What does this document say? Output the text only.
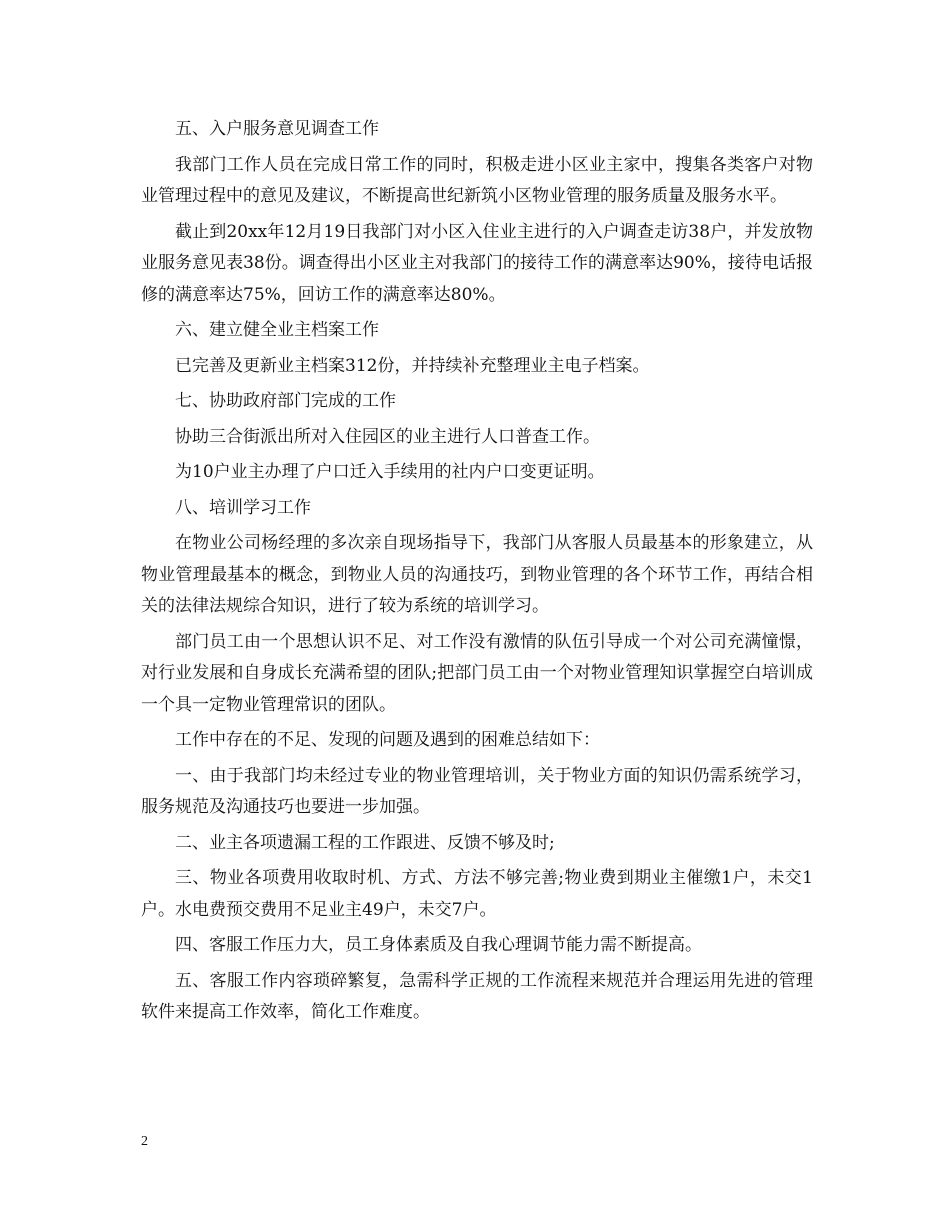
五、入户服务意见调查工作

我部门工作人员在完成日常工作的同时，积极走进小区业主家中，搜集各类客户对物业管理过程中的意见及建议，不断提高世纪新筑小区物业管理的服务质量及服务水平。

截止到20xx年12月19日我部门对小区入住业主进行的入户调查走访38户，并发放物业服务意见表38份。调查得出小区业主对我部门的接待工作的满意率达90%，接待电话报修的满意率达75%，回访工作的满意率达80%。

六、建立健全业主档案工作

已完善及更新业主档案312份，并持续补充整理业主电子档案。

七、协助政府部门完成的工作

协助三合街派出所对入住园区的业主进行人口普查工作。

为10户业主办理了户口迁入手续用的社内户口变更证明。

八、培训学习工作

在物业公司杨经理的多次亲自现场指导下，我部门从客服人员最基本的形象建立，从物业管理最基本的概念，到物业人员的沟通技巧，到物业管理的各个环节工作，再结合相关的法律法规综合知识，进行了较为系统的培训学习。

部门员工由一个思想认识不足、对工作没有激情的队伍引导成一个对公司充满憧憬，对行业发展和自身成长充满希望的团队;把部门员工由一个对物业管理知识掌握空白培训成一个具一定物业管理常识的团队。

工作中存在的不足、发现的问题及遇到的困难总结如下：

一、由于我部门均未经过专业的物业管理培训，关于物业方面的知识仍需系统学习，服务规范及沟通技巧也要进一步加强。

二、业主各项遗漏工程的工作跟进、反馈不够及时;

三、物业各项费用收取时机、方式、方法不够完善;物业费到期业主催缴1户，未交1户。水电费预交费用不足业主49户，未交7户。

四、客服工作压力大，员工身体素质及自我心理调节能力需不断提高。

五、客服工作内容琐碎繁复，急需科学正规的工作流程来规范并合理运用先进的管理软件来提高工作效率，简化工作难度。

2
